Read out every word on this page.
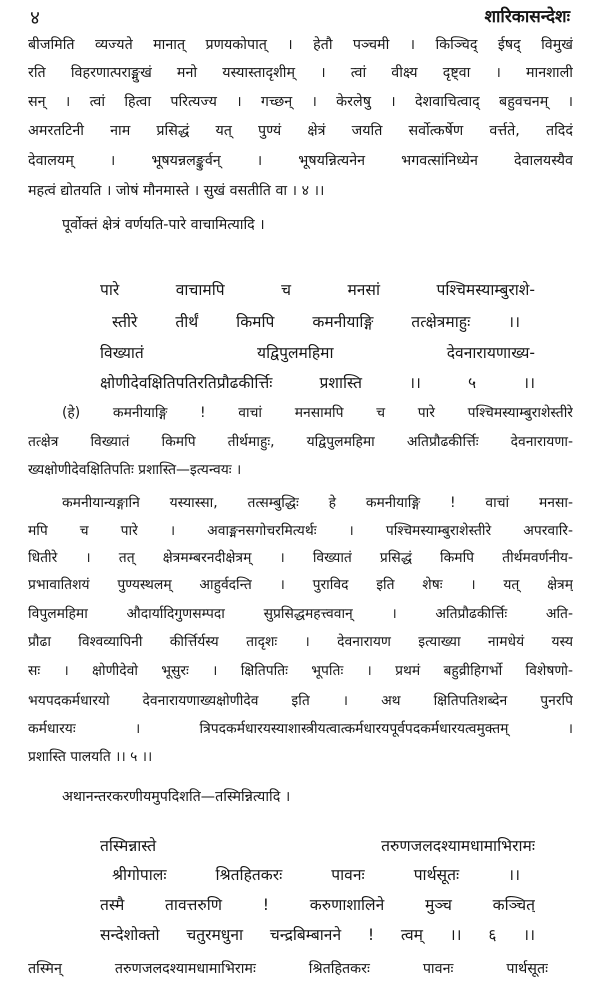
४	शारिकासन्देशः
बीजमिति व्यज्यते मानात् प्रणयकोपात् । हेतौ पञ्चमी । किञ्चिद् ईषद् विमुखं
रति विहरणात्पराङ्मुखं मनो यस्यास्तादृशीम् । त्वां वीक्ष्य दृष्ट्वा । मानशाली
सन् । त्वां हित्वा परित्यज्य । गच्छन् । केरलेषु । देशवाचित्वाद् बहुवचनम् ।
अमरतटिनी नाम प्रसिद्धं यत् पुण्यं क्षेत्रं जयति सर्वोत्कर्षेण वर्त्तते, तदिदं
देवालयम् । भूषयन्नलङ्कुर्वन् । भूषयन्नित्यनेन भगवत्सांनिध्येन देवालयस्यैव
महत्वं द्योतयति । जोषं मौनमास्ते । सुखं वसतीति वा । ४ ।।
पूर्वोक्तं क्षेत्रं वर्णयति-पारे वाचामित्यादि ।
पारे वाचामपि च मनसां पश्चिमस्याम्बुराशे-
स्तीरे तीर्थं किमपि कमनीयाङ्गि तत्क्षेत्रमाहुः ।।
विख्यातं यद्विपुलमहिमा देवनारायणाख्य-
क्षोणीदेवक्षितिपतिरतिप्रौढकीर्त्तिः प्रशास्ति ।। ५ ।।
(हे) कमनीयाङ्गि ! वाचां मनसामपि च पारे पश्चिमस्याम्बुराशेस्तीरे
तत्क्षेत्र विख्यातं किमपि तीर्थमाहुः, यद्विपुलमहिमा अतिप्रौढकीर्त्तिः देवनारायणा-
ख्यक्षोणीदेवक्षितिपतिः प्रशास्ति—इत्यन्वयः ।
कमनीयान्यङ्गानि यस्यास्सा, तत्सम्बुद्धिः हे कमनीयाङ्गि ! वाचां मनसा-
मपि च पारे । अवाङ्मनसगोचरमित्यर्थः । पश्चिमस्याम्बुराशेस्तीरे अपरवारि-
धितीरे । तत् क्षेत्रमम्बरनदीक्षेत्रम् । विख्यातं प्रसिद्धं किमपि तीर्थमवर्णनीय-
प्रभावातिशयं पुण्यस्थलम् आहुर्वदन्ति । पुराविद इति शेषः । यत् क्षेत्रम्
विपुलमहिमा औदार्यादिगुणसम्पदा सुप्रसिद्धमहत्त्ववान् । अतिप्रौढकीर्त्तिः अति-
प्रौढा विश्वव्यापिनी कीर्त्तिर्यस्य तादृशः । देवनारायण इत्याख्या नामधेयं यस्य
सः । क्षोणीदेवो भूसुरः । क्षितिपतिः भूपतिः । प्रथमं बहुव्रीहिगर्भो विशेषणो-
भयपदकर्मधारयो देवनारायणाख्यक्षोणीदेव इति । अथ क्षितिपतिशब्देन पुनरपि
कर्मधारयः । त्रिपदकर्मधारयस्याशास्त्रीयत्वात्कर्मधारयपूर्वपदकर्मधारयत्वमुक्तम् ।
प्रशास्ति पालयति ।। ५ ।।
अथानन्तरकरणीयमुपदिशति—तस्मिन्नित्यादि ।
तस्मिन्नास्ते तरुणजलदश्यामधामाभिरामः
श्रीगोपालः श्रितहितकरः पावनः पार्थसूतः ।।
तस्मै तावत्तरुणि ! करुणाशालिने मुञ्च कञ्चित्
सन्देशोक्तो चतुरमधुना चन्द्रबिम्बानने ! त्वम् ।। ६ ।।
तस्मिन् तरुणजलदश्यामधामाभिरामः श्रितहितकरः पावनः पार्थसूतः
